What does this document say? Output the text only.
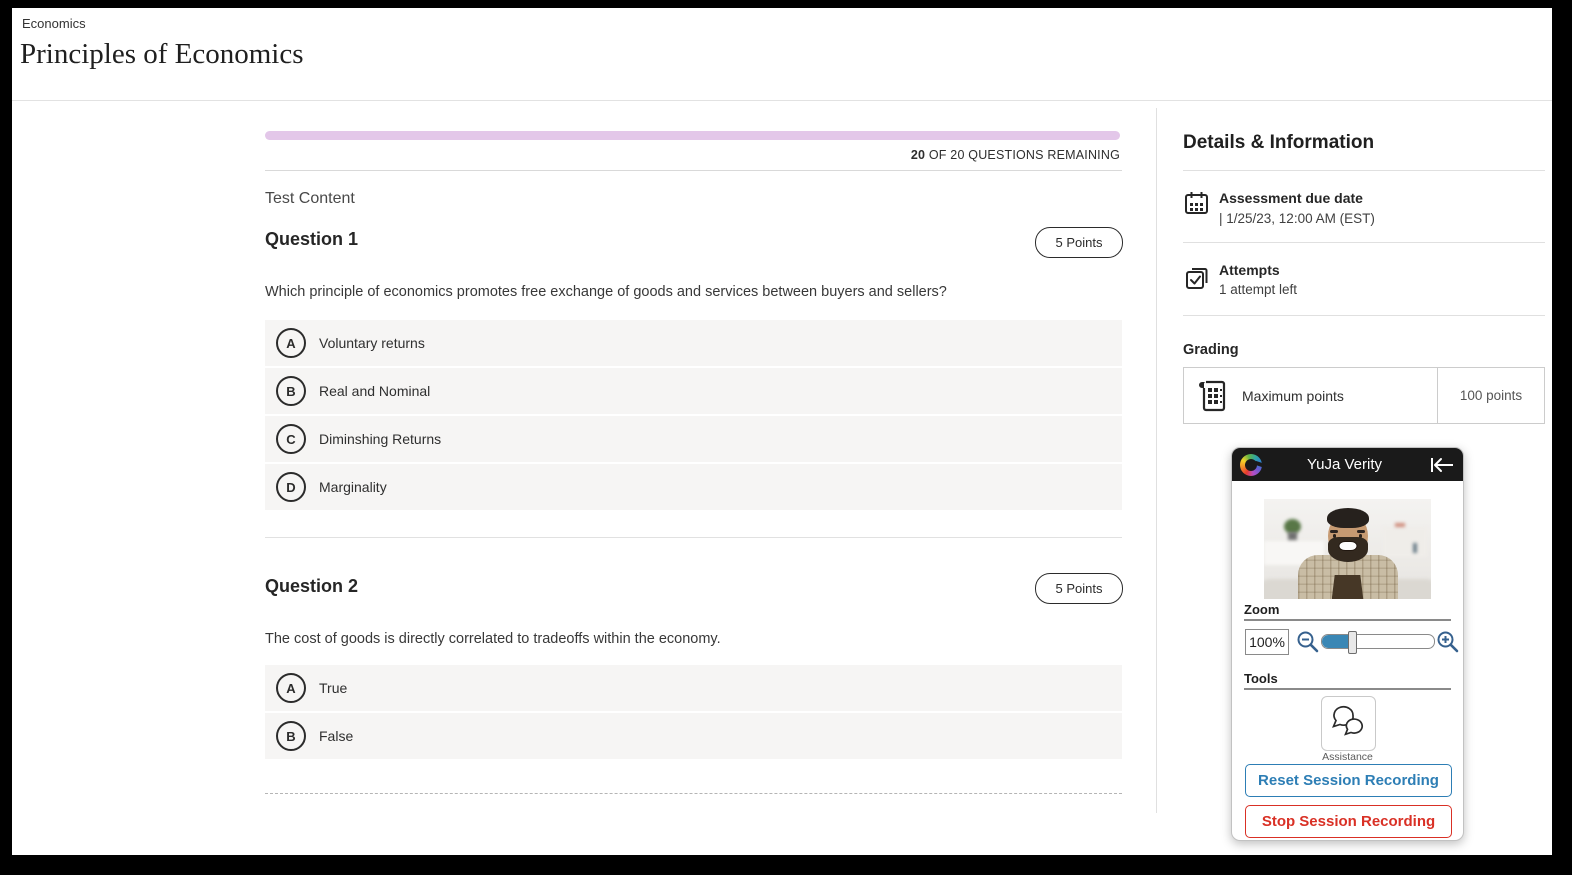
Economics
Principles of Economics
20 OF 20 QUESTIONS REMAINING
Test Content
Question 1	5 Points
Which principle of economics promotes free exchange of goods and services between buyers and sellers?
A	Voluntary returns
B	Real and Nominal
C	Diminshing Returns
D	Marginality
Question 2	5 Points
The cost of goods is directly correlated to tradeoffs within the economy.
A	True
B	False
Details & Information
Assessment due date
| 1/25/23, 12:00 AM (EST)
Attempts
1 attempt left
Grading
Maximum points	100 points
YuJa Verity
Zoom
100%
Tools
Assistance
Reset Session Recording
Stop Session Recording
